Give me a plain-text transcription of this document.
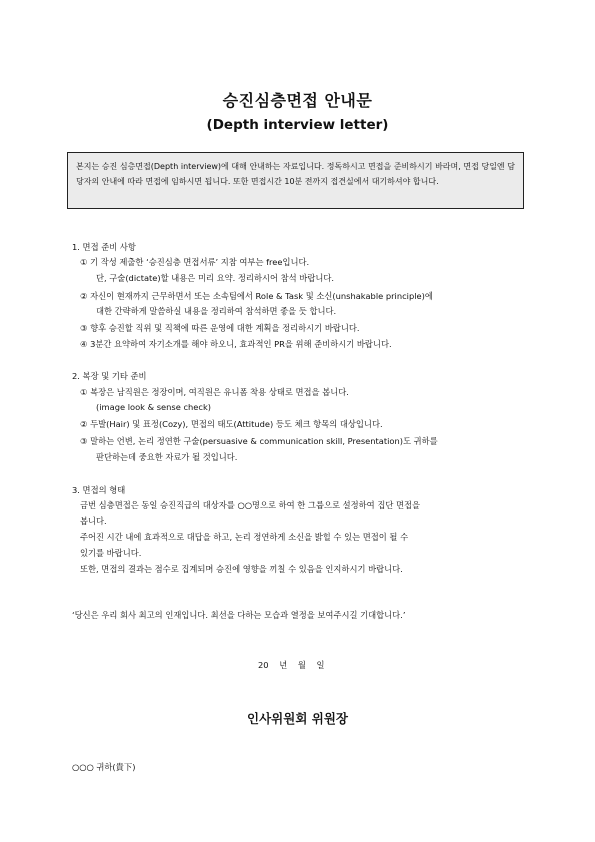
승진심층면접 안내문
(Depth interview letter)
본지는 승진 심층면접(Depth interview)에 대해 안내하는 자료입니다. 정독하시고 면접을 준비하시기 바라며, 면접 당일엔 담당자의 안내에 따라 면접에 임하시면 됩니다. 또한 면접시간 10분 전까지 접견실에서 대기하셔야 합니다.
1. 면접 준비 사항
① 기 작성 제출한 ‘승진심층 면접서류’ 지참 여부는 free입니다.
단, 구술(dictate)할 내용은 미리 요약. 정리하시어 참석 바랍니다.
② 자신이 현재까지 근무하면서 또는 소속팀에서 Role & Task 및 소신(unshakable principle)에
대한 간략하게 말씀하실 내용을 정리하여 참석하면 좋을 듯 합니다.
③ 향후 승진할 직위 및 직책에 따른 운영에 대한 계획을 정리하시기 바랍니다.
④ 3분간 요약하여 자기소개를 해야 하오니, 효과적인 PR을 위해 준비하시기 바랍니다.
2. 복장 및 기타 준비
① 복장은 남직원은 정장이며, 여직원은 유니폼 착용 상태로 면접을 봅니다.
(image look & sense check)
② 두발(Hair) 및 표정(Cozy), 면접의 태도(Attitude) 등도 체크 항목의 대상입니다.
③ 말하는 언변, 논리 정연한 구술(persuasive & communication skill, Presentation)도 귀하를
판단하는데 중요한 자료가 될 것입니다.
3. 면접의 형태
금번 심층면접은 동일 승진직급의 대상자를 ○○명으로 하여 한 그룹으로 설정하여 집단 면접을
봅니다.
주어진 시간 내에 효과적으로 대답을 하고, 논리 정연하게 소신을 밝힐 수 있는 면접이 될 수
있기를 바랍니다.
또한, 면접의 결과는 점수로 집계되며 승진에 영향을 끼칠 수 있음을 인지하시기 바랍니다.
‘당신은 우리 회사 최고의 인재입니다. 최선을 다하는 모습과 열정을 보여주시길 기대합니다.’
20 년 월 일
인사위원회 위원장
○○○ 귀하(貴下)
